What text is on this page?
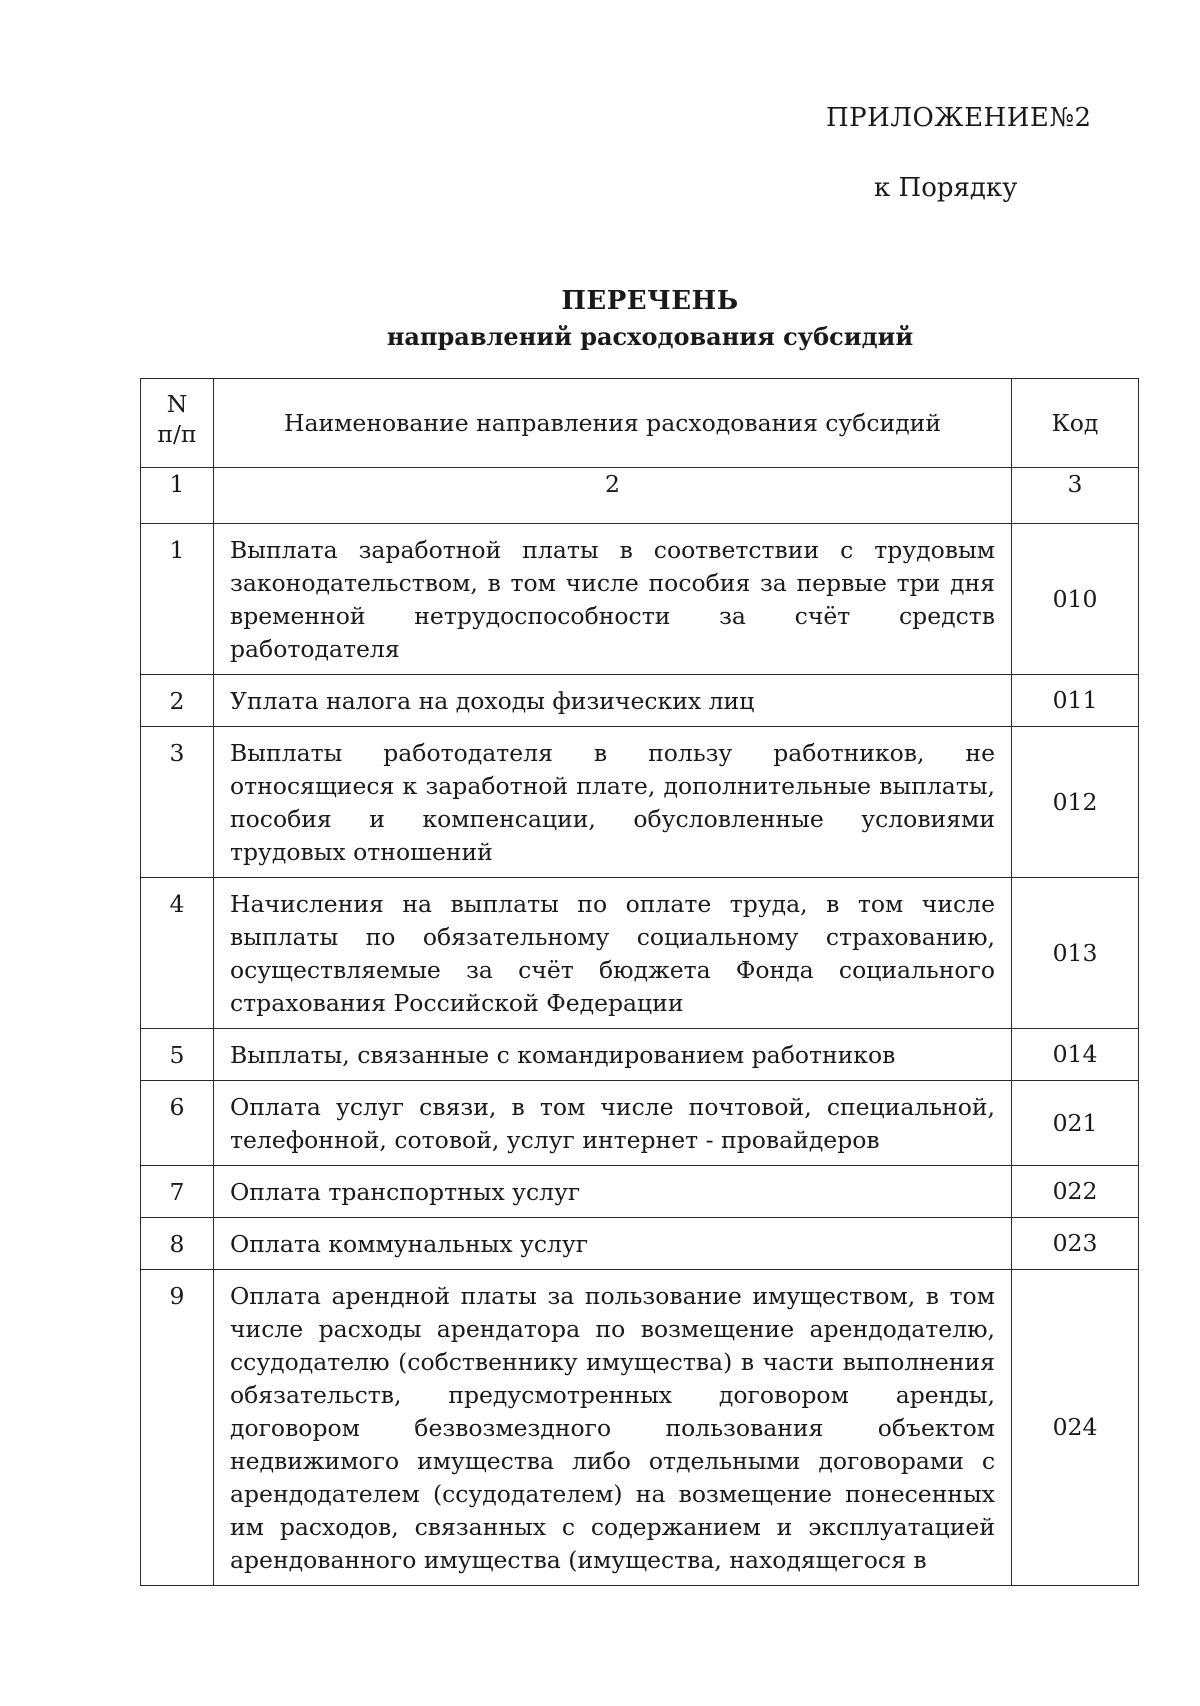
ПРИЛОЖЕНИЕ№2
к Порядку
ПЕРЕЧЕНЬ
направлений расходования субсидий
N
п/п	Наименование направления расходования субсидий	Код
1	2	3
1	Выплата заработной платы в соответствии с трудовым законодательством, в том числе пособия за первые три дня временной нетрудоспособности за счёт средств работодателя	010
2	Уплата налога на доходы физических лиц	011
3	Выплаты работодателя в пользу работников, не относящиеся к заработной плате, дополнительные выплаты, пособия и компенсации, обусловленные условиями трудовых отношений	012
4	Начисления на выплаты по оплате труда, в том числе выплаты по обязательному социальному страхованию, осуществляемые за счёт бюджета Фонда социального страхования Российской Федерации	013
5	Выплаты, связанные с командированием работников	014
6	Оплата услуг связи, в том числе почтовой, специальной, телефонной, сотовой, услуг интернет - провайдеров	021
7	Оплата транспортных услуг	022
8	Оплата коммунальных услуг	023
9	Оплата арендной платы за пользование имуществом, в том числе расходы арендатора по возмещение арендодателю, ссудодателю (собственнику имущества) в части выполнения обязательств, предусмотренных договором аренды, договором безвозмездного пользования объектом недвижимого имущества либо отдельными договорами с арендодателем (ссудодателем) на возмещение понесенных им расходов, связанных с содержанием и эксплуатацией арендованного имущества (имущества, находящегося в	024
